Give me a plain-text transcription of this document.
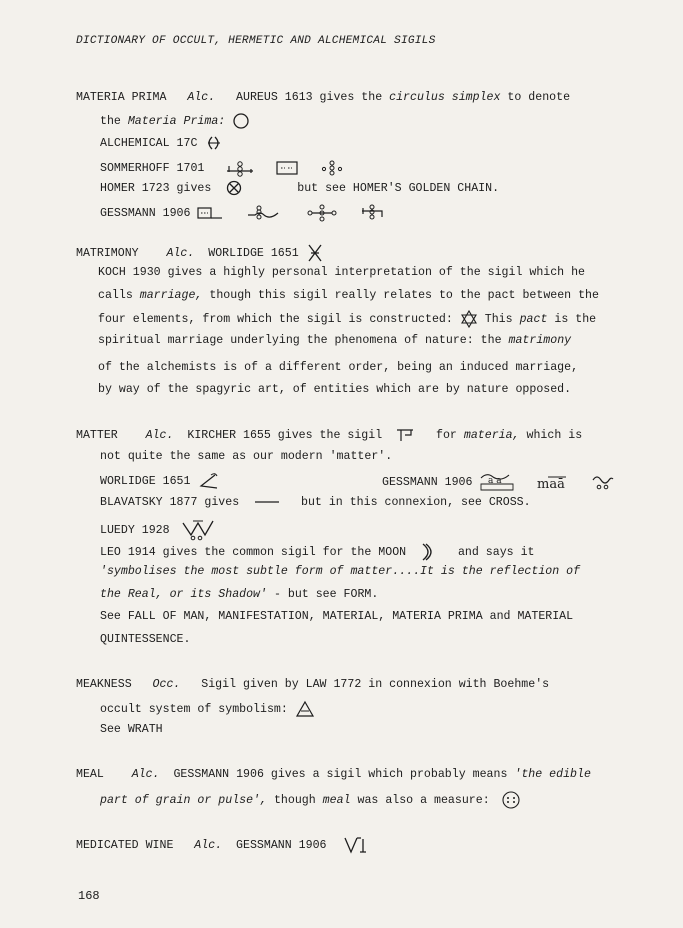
DICTIONARY OF OCCULT, HERMETIC AND ALCHEMICAL SIGILS
MATERIA PRIMA Alc. AUREUS 1613 gives the circulus simplex to denote
the Materia Prima:
ALCHEMICAL 17C
SOMMERHOFF 1701

HOMER 1723 gives	but see HOMER'S GOLDEN CHAIN.
GESSMANN 1906

MATRIMONY Alc. WORLIDGE 1651
KOCH 1930 gives a highly personal interpretation of the sigil which he
calls marriage, though this sigil really relates to the pact between the
four elements, from which the sigil is constructed:	This pact is the
spiritual marriage underlying the phenomena of nature: the matrimony
of the alchemists is of a different order, being an induced marriage,
by way of the spagyric art, of entities which are by nature opposed.
MATTER Alc. KIRCHER 1655 gives the sigil	for materia, which is
not quite the same as our modern 'matter'.
WORLIDGE 1651	GESSMANN 1906 a a
	maā

BLAVATSKY 1877 gives	but in this connexion, see CROSS.
LUEDY 1928
LEO 1914 gives the common sigil for the MOON	and says it
'symbolises the most subtle form of matter....It is the reflection of
the Real, or its Shadow' - but see FORM.
See FALL OF MAN, MANIFESTATION, MATERIAL, MATERIA PRIMA and MATERIAL
QUINTESSENCE.
MEAKNESS Occ. Sigil given by LAW 1772 in connexion with Boehme's
occult system of symbolism:
See WRATH
MEAL Alc. GESSMANN 1906 gives a sigil which probably means 'the edible
part of grain or pulse', though meal was also a measure:
MEDICATED WINE Alc. GESSMANN 1906
168
